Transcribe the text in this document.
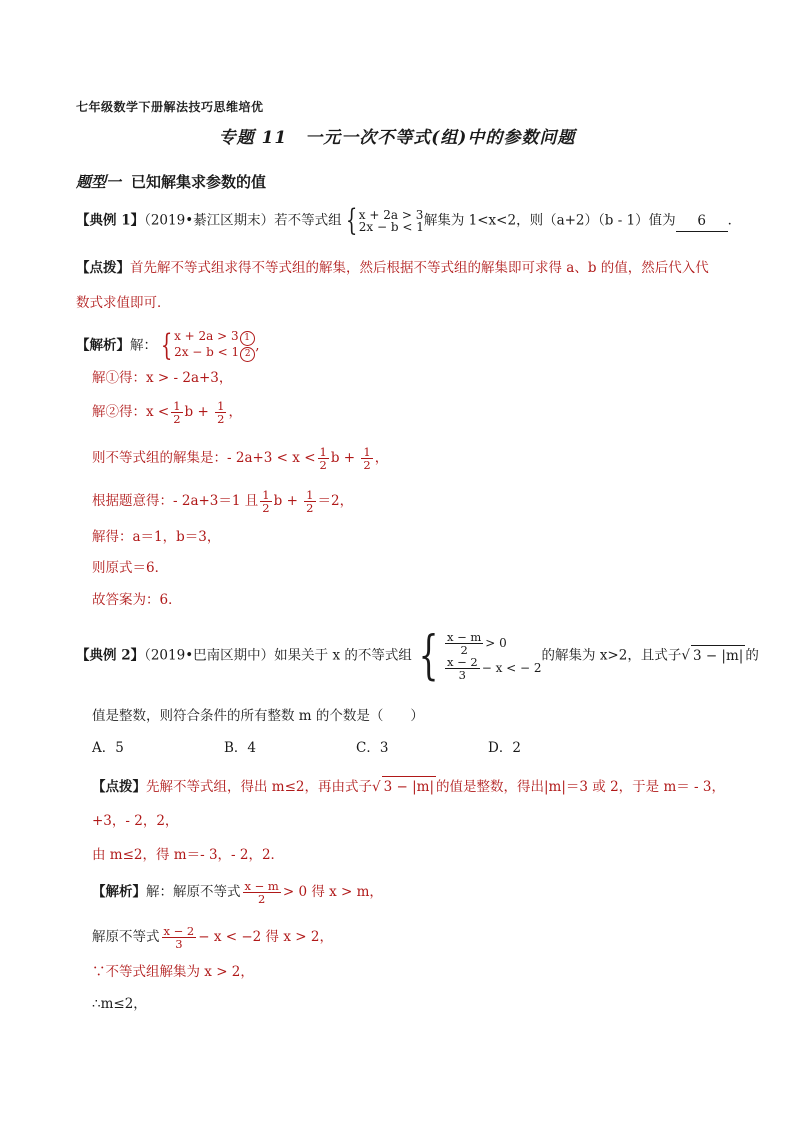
七年级数学下册解法技巧思维培优
专题 11　一元一次不等式(组)中的参数问题
题型一 已知解集求参数的值
【典例 1】（2019•綦江区期末）若不等式组 { x + 2a > 3
2x − b < 1 解集为 1<x<2，则（a+2）（b - 1）值为 6 ．
【点拨】首先解不等式组求得不等式组的解集，然后根据不等式组的解集即可求得 a、b 的值，然后代入代
数式求值即可．
【解析】解： { x + 2a > 3 1
2x − b < 1 2
,
解①得：x > - 2a+3，
解②得：$x < \frac{1}{2}$ $b + \frac{1}{2}$ ，
则不等式组的解集是：- $2a+3 < x < \frac{1}{2}$ $b + \frac{1}{2}$ ，
根据题意得：- 2a+3＝1 且 $\frac{1}{2}$ $b + \frac{1}{2} =2$，
解得：a＝1，b＝3，
则原式＝6．
故答案为：6．
【典例 2】（2019•巴南区期中）如果关于 x 的不等式组 { $\frac{x - m}{2} > 0$
$\frac{x - 2}{3} - x$ < − 2
的解集为 x>2，且式子√ 3 − |m| 的
值是整数，则符合条件的所有整数 m 的个数是（　　）
A．5	B．4	C．3	D．2
【点拨】先解不等式组，得出 m≤2，再由式子√ 3 − |m| 的值是整数，得出|m|＝3 或 2，于是 m＝ - 3，
+3，- 2，2，
由 m≤2，得 m＝- 3，- 2，2．
【解析】解：解原不等式 $\frac{x - m}{2} > 0$ 得 x > m，
解原不等式 $\frac{x - 2}{3} - x < -2$ 得 x > 2，
∵不等式组解集为 x > 2，
∴m≤2，
